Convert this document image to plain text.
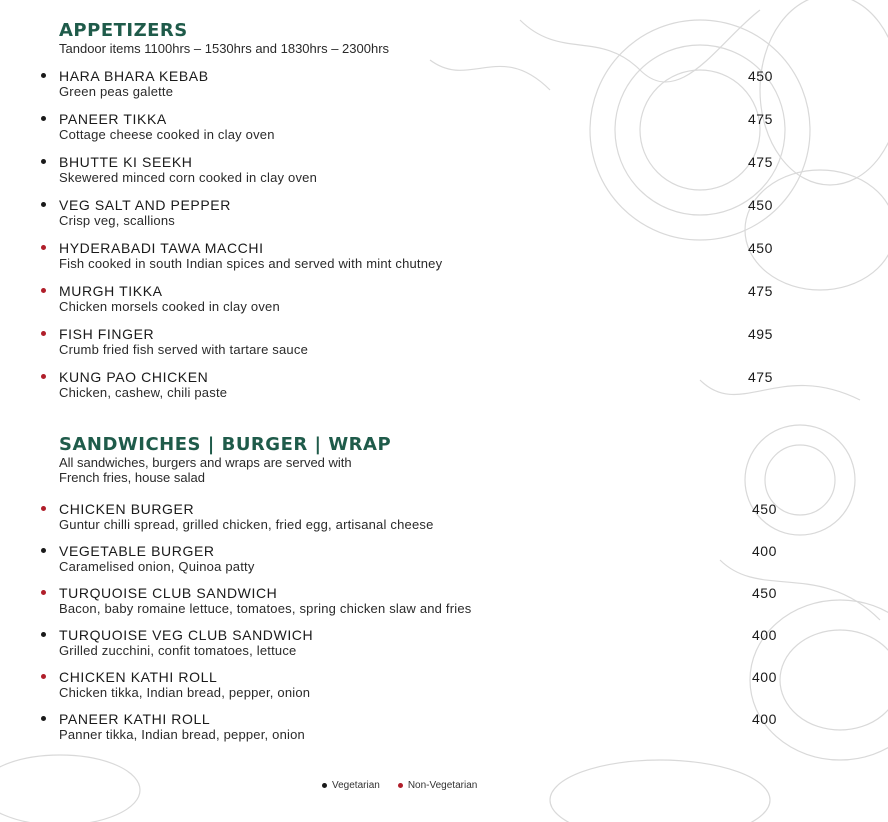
APPETIZERS

Tandoor items 1100hrs – 1530hrs and 1830hrs – 2300hrs

HARA BHARA KEBAB
Green peas galette
450
PANEER TIKKA
Cottage cheese cooked in clay oven
475
BHUTTE KI SEEKH
Skewered minced corn cooked in clay oven
475
VEG SALT AND PEPPER
Crisp veg, scallions
450
HYDERABADI TAWA MACCHI
Fish cooked in south Indian spices and served with mint chutney
450
MURGH TIKKA
Chicken morsels cooked in clay oven
475
FISH FINGER
Crumb fried fish served with tartare sauce
495
KUNG PAO CHICKEN
Chicken, cashew, chili paste
475
SANDWICHES | BURGER | WRAP

All sandwiches, burgers and wraps are served with
French fries, house salad

CHICKEN BURGER
Guntur chilli spread, grilled chicken, fried egg, artisanal cheese
450
VEGETABLE BURGER
Caramelised onion, Quinoa patty
400
TURQUOISE CLUB SANDWICH
Bacon, baby romaine lettuce, tomatoes, spring chicken slaw and fries
450
TURQUOISE VEG CLUB SANDWICH
Grilled zucchini, confit tomatoes, lettuce
400
CHICKEN KATHI ROLL
Chicken tikka, Indian bread, pepper, onion
400
PANEER KATHI ROLL
Panner tikka, Indian bread, pepper, onion
400
Vegetarian	Non-Vegetarian
